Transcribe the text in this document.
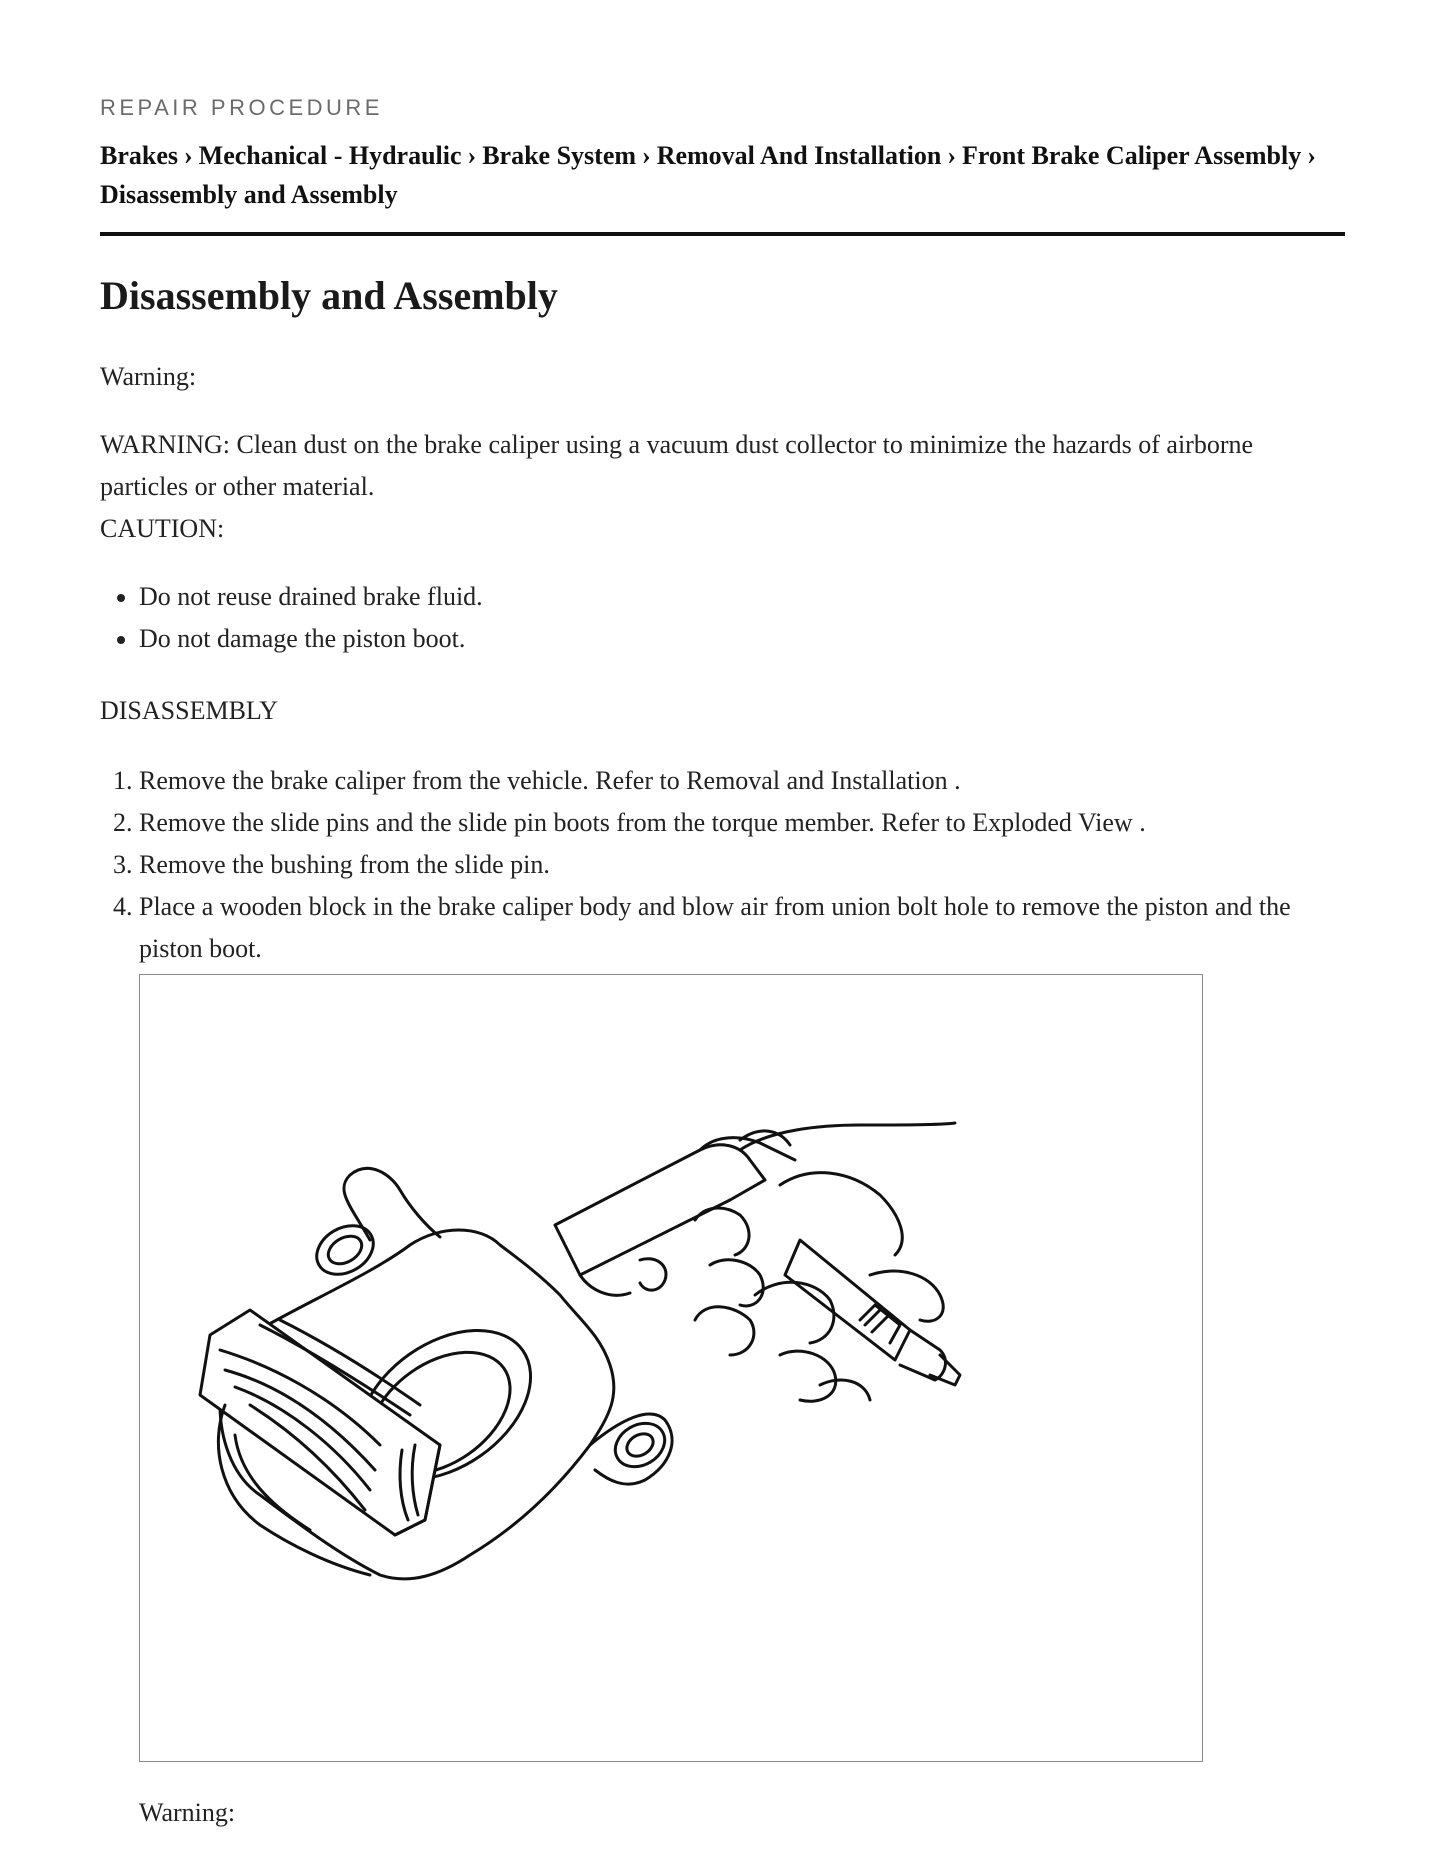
REPAIR PROCEDURE

Brakes › Mechanical - Hydraulic › Brake System › Removal And Installation › Front Brake Caliper Assembly ›
Disassembly and Assembly
Disassembly and Assembly

Warning:

WARNING: Clean dust on the brake caliper using a vacuum dust collector to minimize the hazards of airborne particles or other material.

CAUTION:

• Do not reuse drained brake fluid.
• Do not damage the piston boot.

DISASSEMBLY

1. Remove the brake caliper from the vehicle. Refer to Removal and Installation .
2. Remove the slide pins and the slide pin boots from the torque member. Refer to Exploded View .
3. Remove the bushing from the slide pin.
4. Place a wooden block in the brake caliper body and blow air from union bolt hole to remove the piston and the piston boot.

Warning:
